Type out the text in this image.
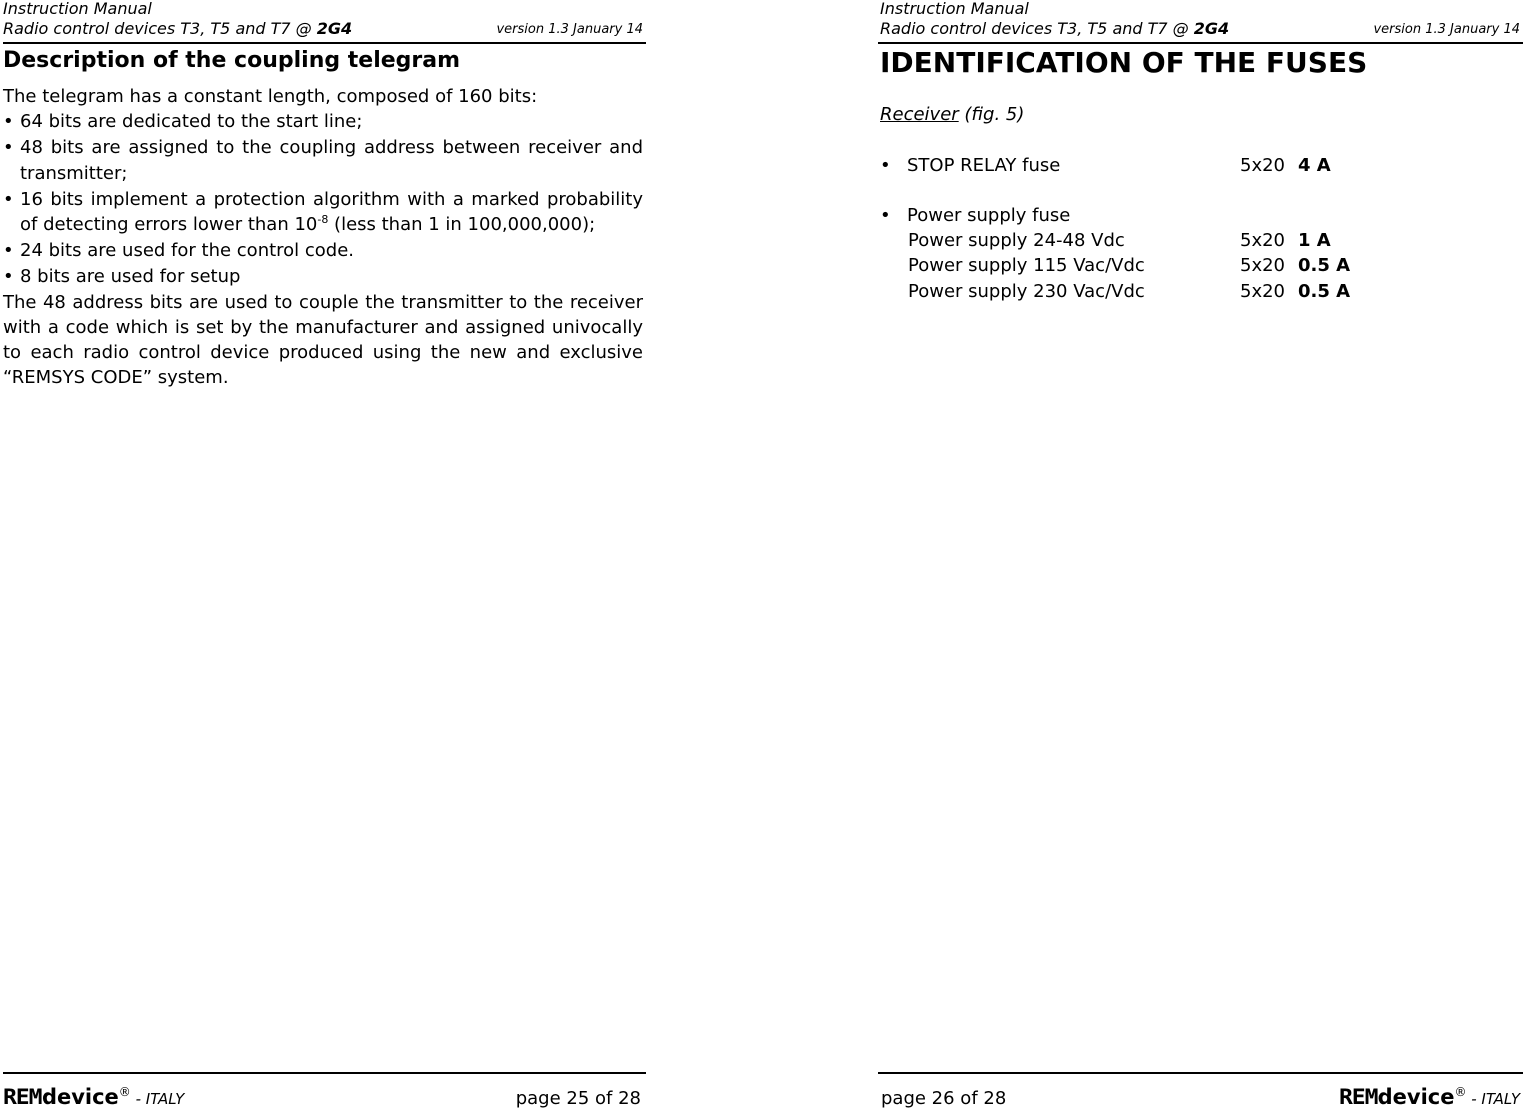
Instruction Manual
Radio control devices T3, T5 and T7 @ 2G4	version 1.3 January 14
Description of the coupling telegram

The telegram has a constant length, composed of 160 bits:

• 64 bits are dedicated to the start line;

• 48 bits are assigned to the coupling address between receiver and transmitter;

• 16 bits implement a protection algorithm with a marked probability of detecting errors lower than $10^{-8}$ (less than 1 in 100,000,000);

• 24 bits are used for the control code.

• 8 bits are used for setup

The 48 address bits are used to couple the transmitter to the receiver with a code which is set by the manufacturer and assigned univocally to each radio control device produced using the new and exclusive “REMSYS CODE” system.

REMdevice® - ITALY	page 25 of 28
Instruction Manual
Radio control devices T3, T5 and T7 @ 2G4	version 1.3 January 14
IDENTIFICATION OF THE FUSES
Receiver (fig. 5)
• STOP RELAY fuse	5x20 4 A
• Power supply fuse
Power supply 24-48 Vdc	5x20 1 A
Power supply 115 Vac/Vdc	5x20 0.5 A
Power supply 230 Vac/Vdc	5x20 0.5 A
page 26 of 28	REMdevice® - ITALY
